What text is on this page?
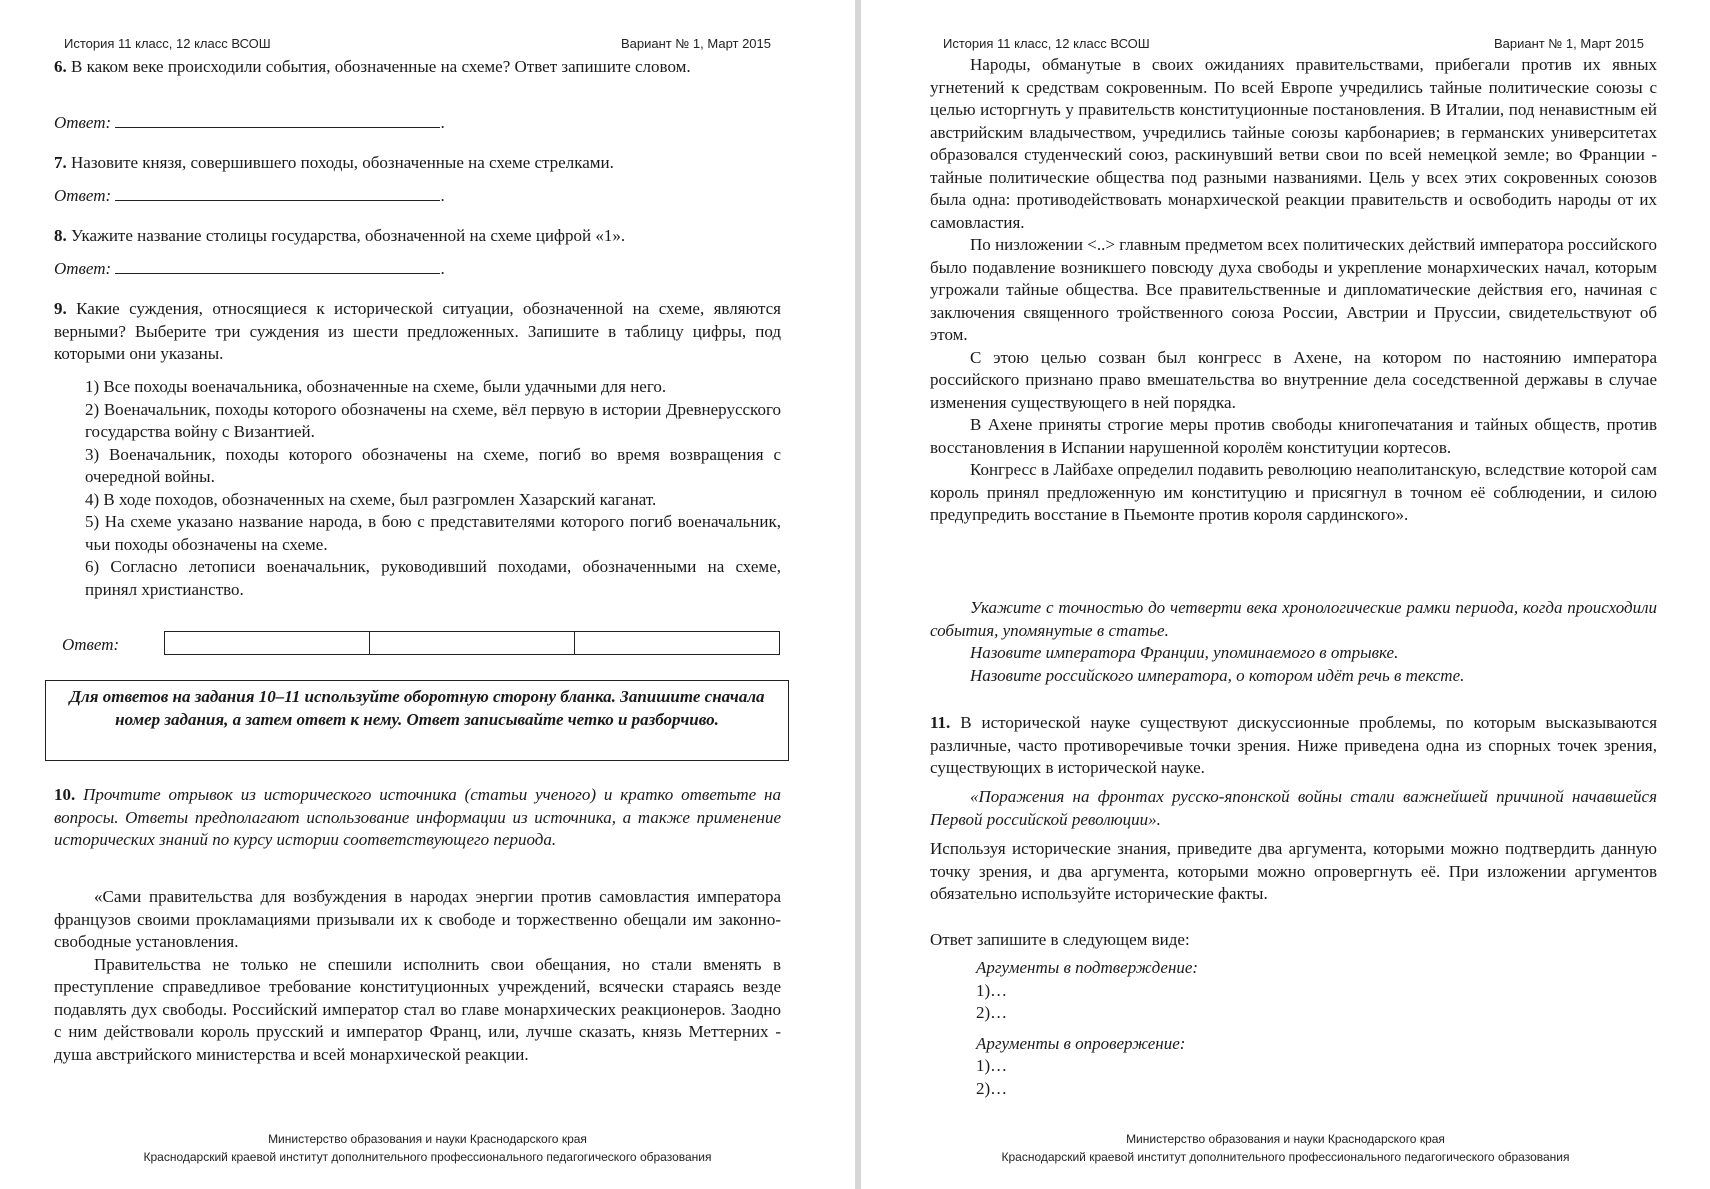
История 11 класс, 12 класс ВСОШ	Вариант № 1, Март 2015
6. В каком веке происходили события, обозначенные на схеме? Ответ запишите словом.
Ответ:	.
7. Назовите князя, совершившего походы, обозначенные на схеме стрелками.
Ответ:	.
8. Укажите название столицы государства, обозначенной на схеме цифрой «1».
Ответ:	.
9. Какие суждения, относящиеся к исторической ситуации, обозначенной на схеме, являются верными? Выберите три суждения из шести предложенных. Запишите в таблицу цифры, под которыми они указаны.

1) Все походы военачальника, обозначенные на схеме, были удачными для него.

2) Военачальник, походы которого обозначены на схеме, вёл первую в истории Древнерусского государства войну с Византией.

3) Военачальник, походы которого обозначены на схеме, погиб во время возвращения с очередной войны.

4) В ходе походов, обозначенных на схеме, был разгромлен Хазарский каганат.

5) На схеме указано название народа, в бою с представителями которого погиб военачальник, чьи походы обозначены на схеме.

6) Согласно летописи военачальник, руководивший походами, обозначенными на схеме, принял христианство.

Ответ:

Для ответов на задания 10–11 используйте оборотную сторону бланка. Запишите сначала номер задания, а затем ответ к нему. Ответ записывайте четко и разборчиво.
10. Прочтите отрывок из исторического источника (статьи ученого) и кратко ответьте на вопросы. Ответы предполагают использование информации из источника, а также применение исторических знаний по курсу истории соответствующего периода.

«Сами правительства для возбуждения в народах энергии против самовластия императора французов своими прокламациями призывали их к свободе и торжественно обещали им законно-свободные установления.

Правительства не только не спешили исполнить свои обещания, но стали вменять в преступление справедливое требование конституционных учреждений, всячески стараясь везде подавлять дух свободы. Российский император стал во главе монархических реакционеров. Заодно с ним действовали король прусский и император Франц, или, лучше сказать, князь Меттерних - душа австрийского министерства и всей монархической реакции.

Министерство образования и науки Краснодарского края
Краснодарский краевой институт дополнительного профессионального педагогического образования
История 11 класс, 12 класс ВСОШ	Вариант № 1, Март 2015

Народы, обманутые в своих ожиданиях правительствами, прибегали против их явных угнетений к средствам сокровенным. По всей Европе учредились тайные политические союзы с целью исторгнуть у правительств конституционные постановления. В Италии, под ненавистным ей австрийским владычеством, учредились тайные союзы карбонариев; в германских университетах образовался студенческий союз, раскинувший ветви свои по всей немецкой земле; во Франции - тайные политические общества под разными названиями. Цель у всех этих сокровенных союзов была одна: противодействовать монархической реакции правительств и освободить народы от их самовластия.

По низложении <..> главным предметом всех политических действий императора российского было подавление возникшего повсюду духа свободы и укрепление монархических начал, которым угрожали тайные общества. Все правительственные и дипломатические действия его, начиная с заключения священного тройственного союза России, Австрии и Пруссии, свидетельствуют об этом.

С этою целью созван был конгресс в Ахене, на котором по настоянию императора российского признано право вмешательства во внутренние дела соседственной державы в случае изменения существующего в ней порядка.

В Ахене приняты строгие меры против свободы книгопечатания и тайных обществ, против восстановления в Испании нарушенной королём конституции кортесов.

Конгресс в Лайбахе определил подавить революцию неаполитанскую, вследствие которой сам король принял предложенную им конституцию и присягнул в точном её соблюдении, и силою предупредить восстание в Пьемонте против короля сардинского».

Укажите с точностью до четверти века хронологические рамки периода, когда происходили события, упомянутые в статье.

Назовите императора Франции, упоминаемого в отрывке.

Назовите российского императора, о котором идёт речь в тексте.

11. В исторической науке существуют дискуссионные проблемы, по которым высказываются различные, часто противоречивые точки зрения. Ниже приведена одна из спорных точек зрения, существующих в исторической науке.

«Поражения на фронтах русско-японской войны стали важнейшей причиной начавшейся Первой российской революции».

Используя исторические знания, приведите два аргумента, которыми можно подтвердить данную точку зрения, и два аргумента, которыми можно опровергнуть её. При изложении аргументов обязательно используйте исторические факты.

Ответ запишите в следующем виде:

Аргументы в подтверждение:

1)…

2)…

Аргументы в опровержение:

1)…

2)…

Министерство образования и науки Краснодарского края
Краснодарский краевой институт дополнительного профессионального педагогического образования
